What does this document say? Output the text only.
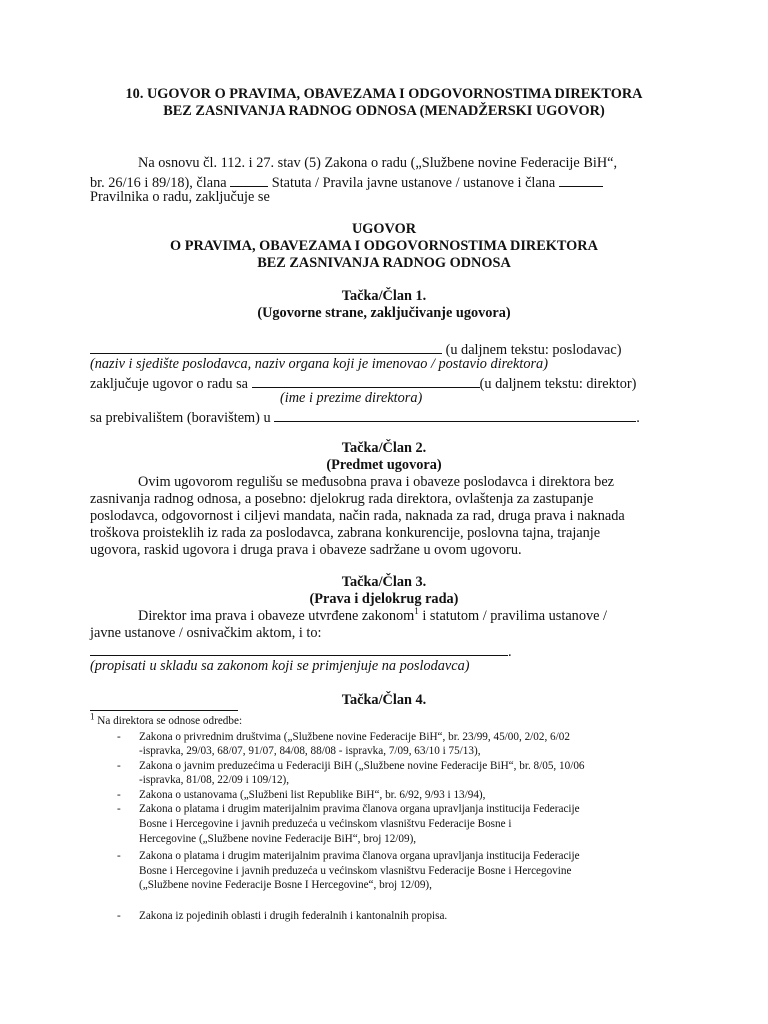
10. UGOVOR O PRAVIMA, OBAVEZAMA I ODGOVORNOSTIMA DIREKTORA
BEZ ZASNIVANJA RADNOG ODNOSA (MENADŽERSKI UGOVOR)
Na osnovu čl. 112. i 27. stav (5) Zakona o radu („Službene novine Federacije BiH“,
br. 26/16 i 89/18), člana	Statuta / Pravila javne ustanove / ustanove i člana
Pravilnika o radu, zaključuje se
UGOVOR
O PRAVIMA, OBAVEZAMA I ODGOVORNOSTIMA DIREKTORA
BEZ ZASNIVANJA RADNOG ODNOSA
Tačka/Član 1.
(Ugovorne strane, zaključivanje ugovora)
(u daljnem tekstu: poslodavac)
(naziv i sjedište poslodavca, naziv organa koji je imenovao / postavio direktora)
zaključuje ugovor o radu sa	(u daljnem tekstu: direktor)
(ime i prezime direktora)
sa prebivalištem (boravištem) u	.
Tačka/Član 2.
(Predmet ugovora)
Ovim ugovorom regulišu se međusobna prava i obaveze poslodavca i direktora bez
zasnivanja radnog odnosa, a posebno: djelokrug rada direktora, ovlaštenja za zastupanje
poslodavca, odgovornost i ciljevi mandata, način rada, naknada za rad, druga prava i naknada
troškova proisteklih iz rada za poslodavca, zabrana konkurencije, poslovna tajna, trajanje
ugovora, raskid ugovora i druga prava i obaveze sadržane u ovom ugovoru.
Tačka/Član 3.
(Prava i djelokrug rada)
Direktor ima prava i obaveze utvrđene zakonom$^1$ i statutom / pravilima ustanove /
javne ustanove / osnivačkim aktom, i to:
.
(propisati u skladu sa zakonom koji se primjenjuje na poslodavca)
Tačka/Član 4.
$^1$ Na direktora se odnose odredbe:
- Zakona o privrednim društvima („Službene novine Federacije BiH“, br. 23/99, 45/00, 2/02, 6/02
-ispravka, 29/03, 68/07, 91/07, 84/08, 88/08 - ispravka, 7/09, 63/10 i 75/13),
- Zakona o javnim preduzećima u Federaciji BiH („Službene novine Federacije BiH“, br. 8/05, 10/06
-ispravka, 81/08, 22/09 i 109/12),
- Zakona o ustanovama („Službeni list Republike BiH“, br. 6/92, 9/93 i 13/94),
- Zakona o platama i drugim materijalnim pravima članova organa upravljanja institucija Federacije
Bosne i Hercegovine i javnih preduzeća u većinskom vlasništvu Federacije Bosne i
Hercegovine („Službene novine Federacije BiH“, broj 12/09),
- Zakona o platama i drugim materijalnim pravima članova organa upravljanja institucija Federacije
Bosne i Hercegovine i javnih preduzeća u većinskom vlasništvu Federacije Bosne i Hercegovine
(„Službene novine Federacije Bosne I Hercegovine“, broj 12/09),
- Zakona iz pojedinih oblasti i drugih federalnih i kantonalnih propisa.
